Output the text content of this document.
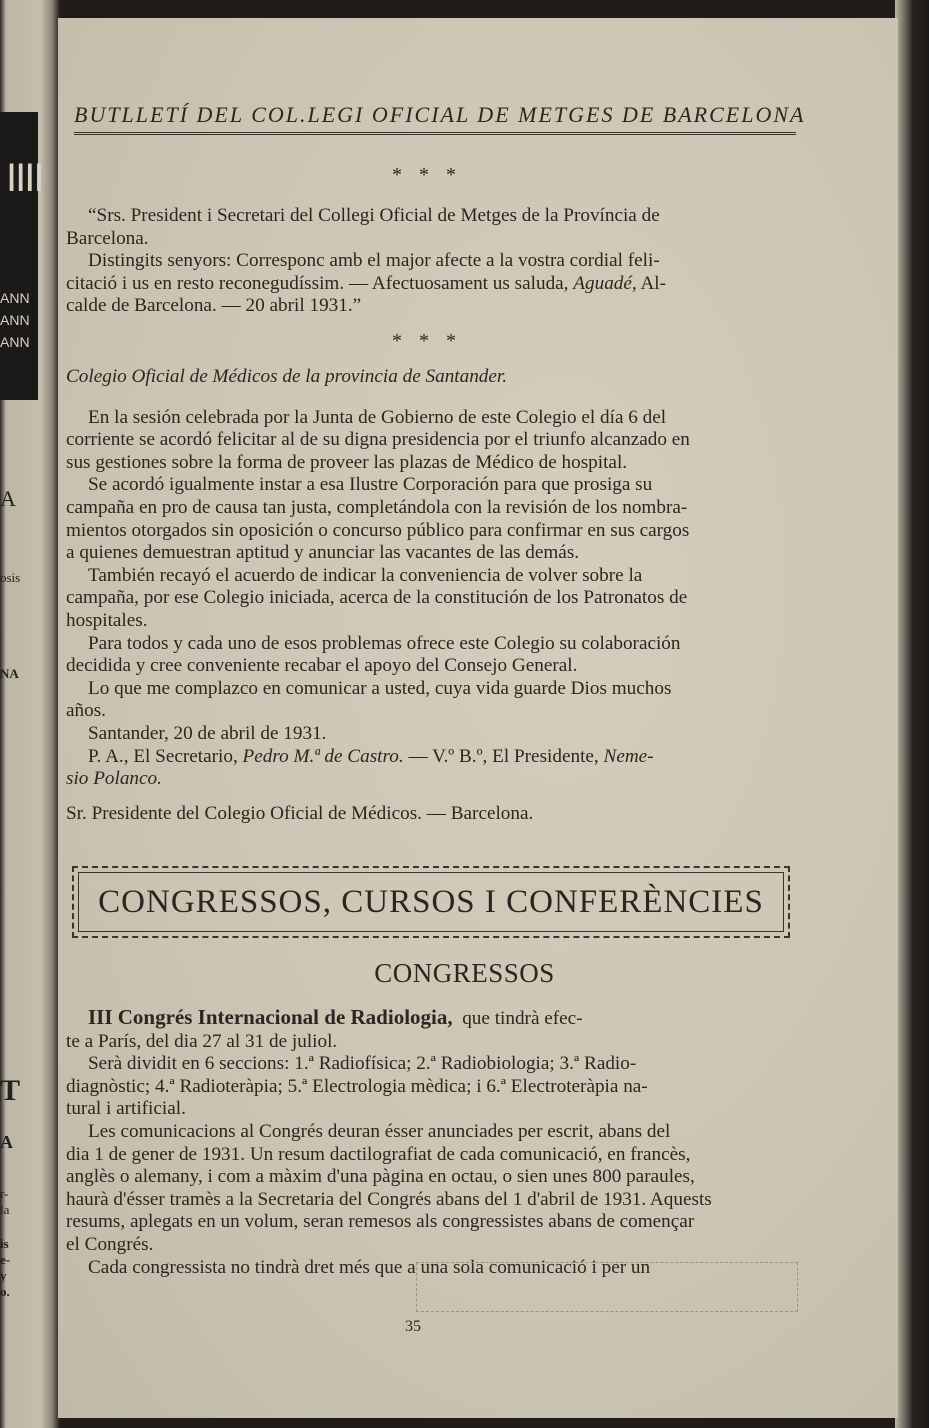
ΙΙΙΙ
ANN
ANN
ANN
A
osis
NA
T
A
r-
la
is
e-
y
o.
BUTLLETÍ DEL COL.LEGI OFICIAL DE METGES DE BARCELONA
* * *

“Srs. President i Secretari del Collegi Oficial de Metges de la Província de

Barcelona.

Distingits senyors: Corresponc amb el major afecte a la vostra cordial feli-

citació i us en resto reconegudíssim. — Afectuosament us saluda, Aguadé, Al-

calde de Barcelona. — 20 abril 1931.”

* * *

Colegio Oficial de Médicos de la provincia de Santander.

En la sesión celebrada por la Junta de Gobierno de este Colegio el día 6 del

corriente se acordó felicitar al de su digna presidencia por el triunfo alcanzado en

sus gestiones sobre la forma de proveer las plazas de Médico de hospital.

Se acordó igualmente instar a esa Ilustre Corporación para que prosiga su

campaña en pro de causa tan justa, completándola con la revisión de los nombra-

mientos otorgados sin oposición o concurso público para confirmar en sus cargos

a quienes demuestran aptitud y anunciar las vacantes de las demás.

También recayó el acuerdo de indicar la conveniencia de volver sobre la

campaña, por ese Colegio iniciada, acerca de la constitución de los Patronatos de

hospitales.

Para todos y cada uno de esos problemas ofrece este Colegio su colaboración

decidida y cree conveniente recabar el apoyo del Consejo General.

Lo que me complazco en comunicar a usted, cuya vida guarde Dios muchos

años.

Santander, 20 de abril de 1931.

P. A., El Secretario, Pedro M.ª de Castro. — V.º B.º, El Presidente, Neme-

sio Polanco.

Sr. Presidente del Colegio Oficial de Médicos. — Barcelona.

CONGRESSOS, CURSOS I CONFERÈNCIES
CONGRESSOS

III Congrés Internacional de Radiologia, que tindrà efec-

te a París, del dia 27 al 31 de juliol.

Serà dividit en 6 seccions: 1.ª Radiofísica; 2.ª Radiobiologia; 3.ª Radio-

diagnòstic; 4.ª Radioteràpia; 5.ª Electrologia mèdica; i 6.ª Electroteràpia na-

tural i artificial.

Les comunicacions al Congrés deuran ésser anunciades per escrit, abans del

dia 1 de gener de 1931. Un resum dactilografiat de cada comunicació, en francès,

anglès o alemany, i com a màxim d'una pàgina en octau, o sien unes 800 paraules,

haurà d'ésser tramès a la Secretaria del Congrés abans del 1 d'abril de 1931. Aquests

resums, aplegats en un volum, seran remesos als congressistes abans de començar

el Congrés.

Cada congressista no tindrà dret més que a una sola comunicació i per un

35
